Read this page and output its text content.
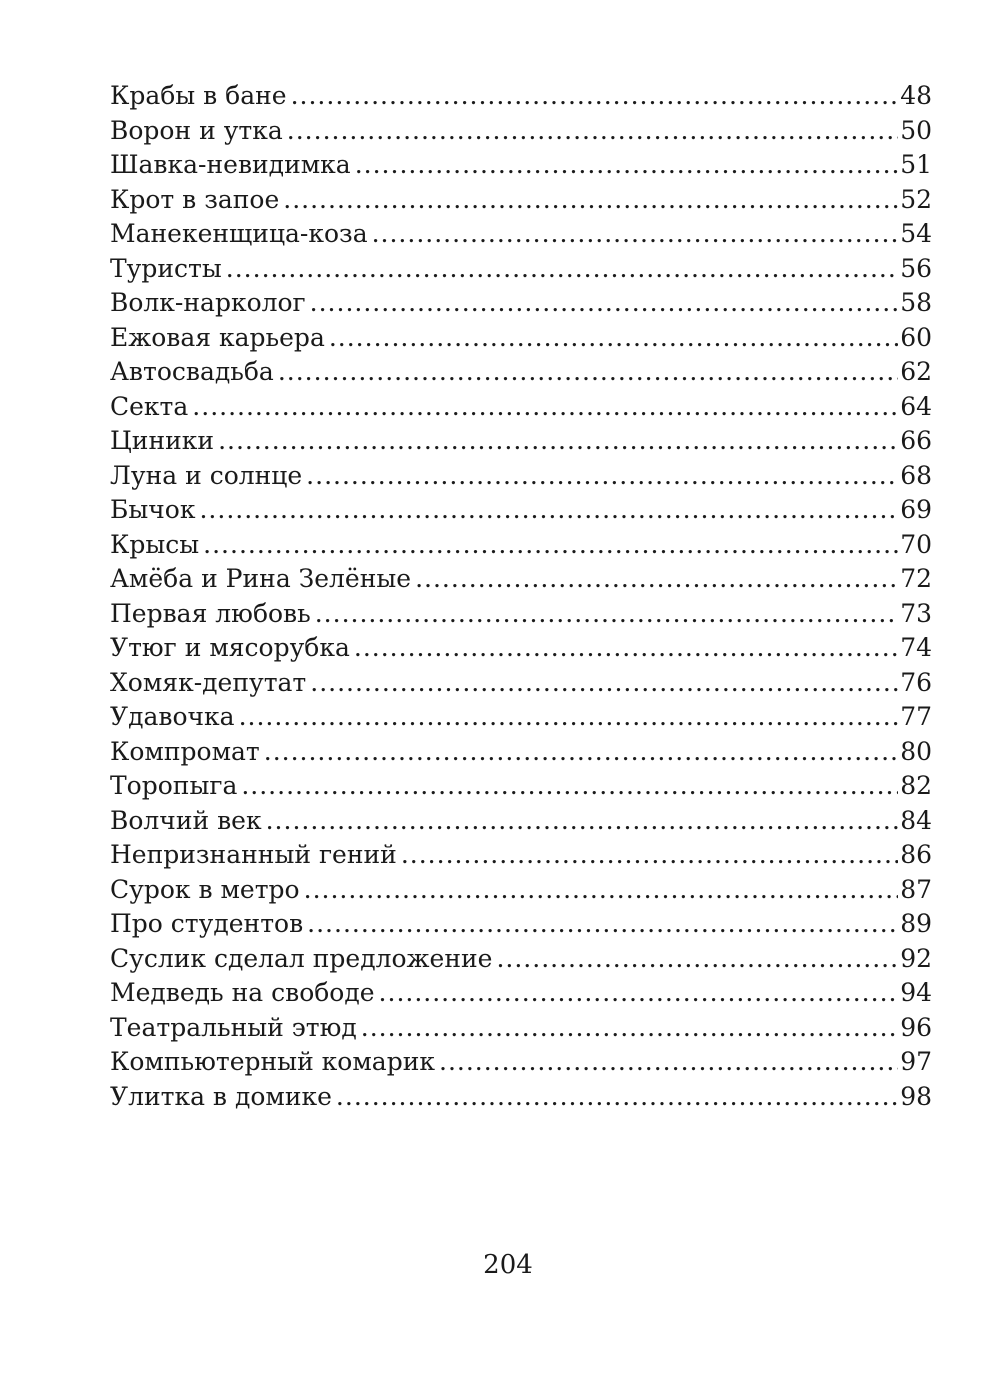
Крабы в бане .....	48
Ворон и утка .....	50
Шавка-невидимка .....	51
Крот в запое .....	52
Манекенщица-коза .....	54
Туристы .....	56
Волк-нарколог .....	58
Ежовая карьера .....	60
Автосвадьба .....	62
Секта .....	64
Циники .....	66
Луна и солнце .....	68
Бычок .....	69
Крысы .....	70
Амёба и Рина Зелёные .....	72
Первая любовь .....	73
Утюг и мясорубка .....	74
Хомяк-депутат .....	76
Удавочка .....	77
Компромат .....	80
Торопыга .....	82
Волчий век .....	84
Непризнанный гений .....	86
Сурок в метро .....	87
Про студентов .....	89
Суслик сделал предложение .....	92
Медведь на свободе .....	94
Театральный этюд .....	96
Компьютерный комарик .....	97
Улитка в домике .....	98
204
